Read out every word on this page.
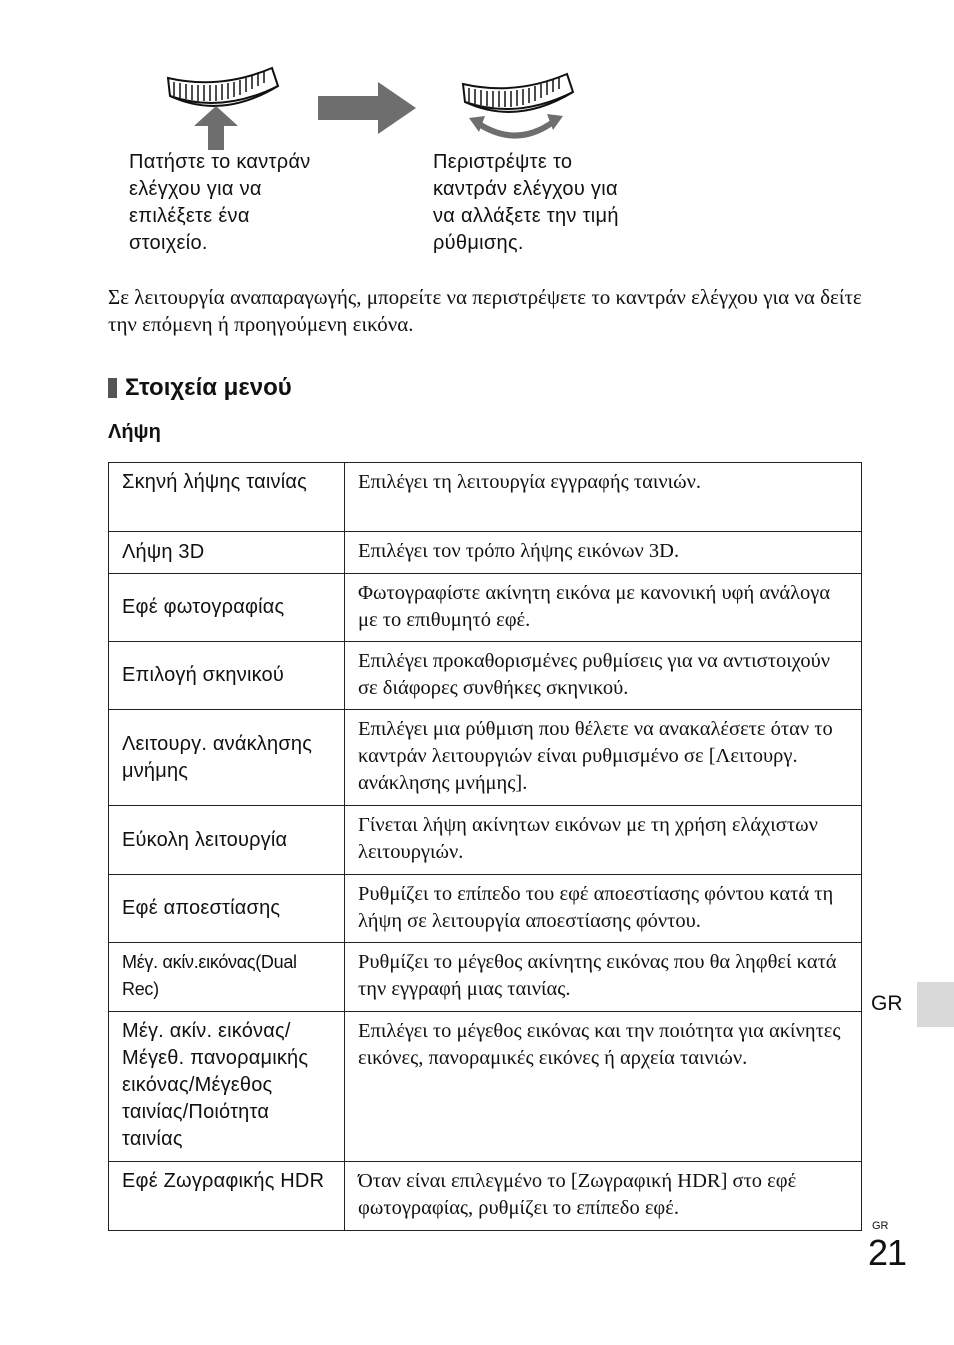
Πατήστε το καντράν
ελέγχου για να
επιλέξετε ένα
στοιχείο.
Περιστρέψτε το
καντράν ελέγχου για
να αλλάξετε την τιμή
ρύθμισης.
Σε λειτουργία αναπαραγωγής, μπορείτε να περιστρέψετε το καντράν ελέγχου για να δείτε την επόμενη ή προηγούμενη εικόνα.
Στοιχεία μενού
Λήψη
Σκηνή λήψης ταινίας	Επιλέγει τη λειτουργία εγγραφής ταινιών.
Λήψη 3D	Επιλέγει τον τρόπο λήψης εικόνων 3D.
Εφέ φωτογραφίας	Φωτογραφίστε ακίνητη εικόνα με κανονική υφή ανάλογα με το επιθυμητό εφέ.
Επιλογή σκηνικού	Επιλέγει προκαθορισμένες ρυθμίσεις για να αντιστοιχούν σε διάφορες συνθήκες σκηνικού.
Λειτουργ. ανάκλησης μνήμης	Επιλέγει μια ρύθμιση που θέλετε να ανακαλέσετε όταν το καντράν λειτουργιών είναι ρυθμισμένο σε [Λειτουργ. ανάκλησης μνήμης].
Εύκολη λειτουργία	Γίνεται λήψη ακίνητων εικόνων με τη χρήση ελάχιστων λειτουργιών.
Εφέ αποεστίασης	Ρυθμίζει το επίπεδο του εφέ αποεστίασης φόντου κατά τη λήψη σε λειτουργία αποεστίασης φόντου.
Μέγ. ακίν.εικόνας(Dual Rec)	Ρυθμίζει το μέγεθος ακίνητης εικόνας που θα ληφθεί κατά την εγγραφή μιας ταινίας.
Μέγ. ακίν. εικόνας/ Μέγεθ. πανοραμικής εικόνας/Μέγεθος ταινίας/Ποιότητα ταινίας	Επιλέγει το μέγεθος εικόνας και την ποιότητα για ακίνητες εικόνες, πανοραμικές εικόνες ή αρχεία ταινιών.
Εφέ Ζωγραφικής HDR	Όταν είναι επιλεγμένο το [Ζωγραφική HDR] στο εφέ φωτογραφίας, ρυθμίζει το επίπεδο εφέ.
GR
GR
21
